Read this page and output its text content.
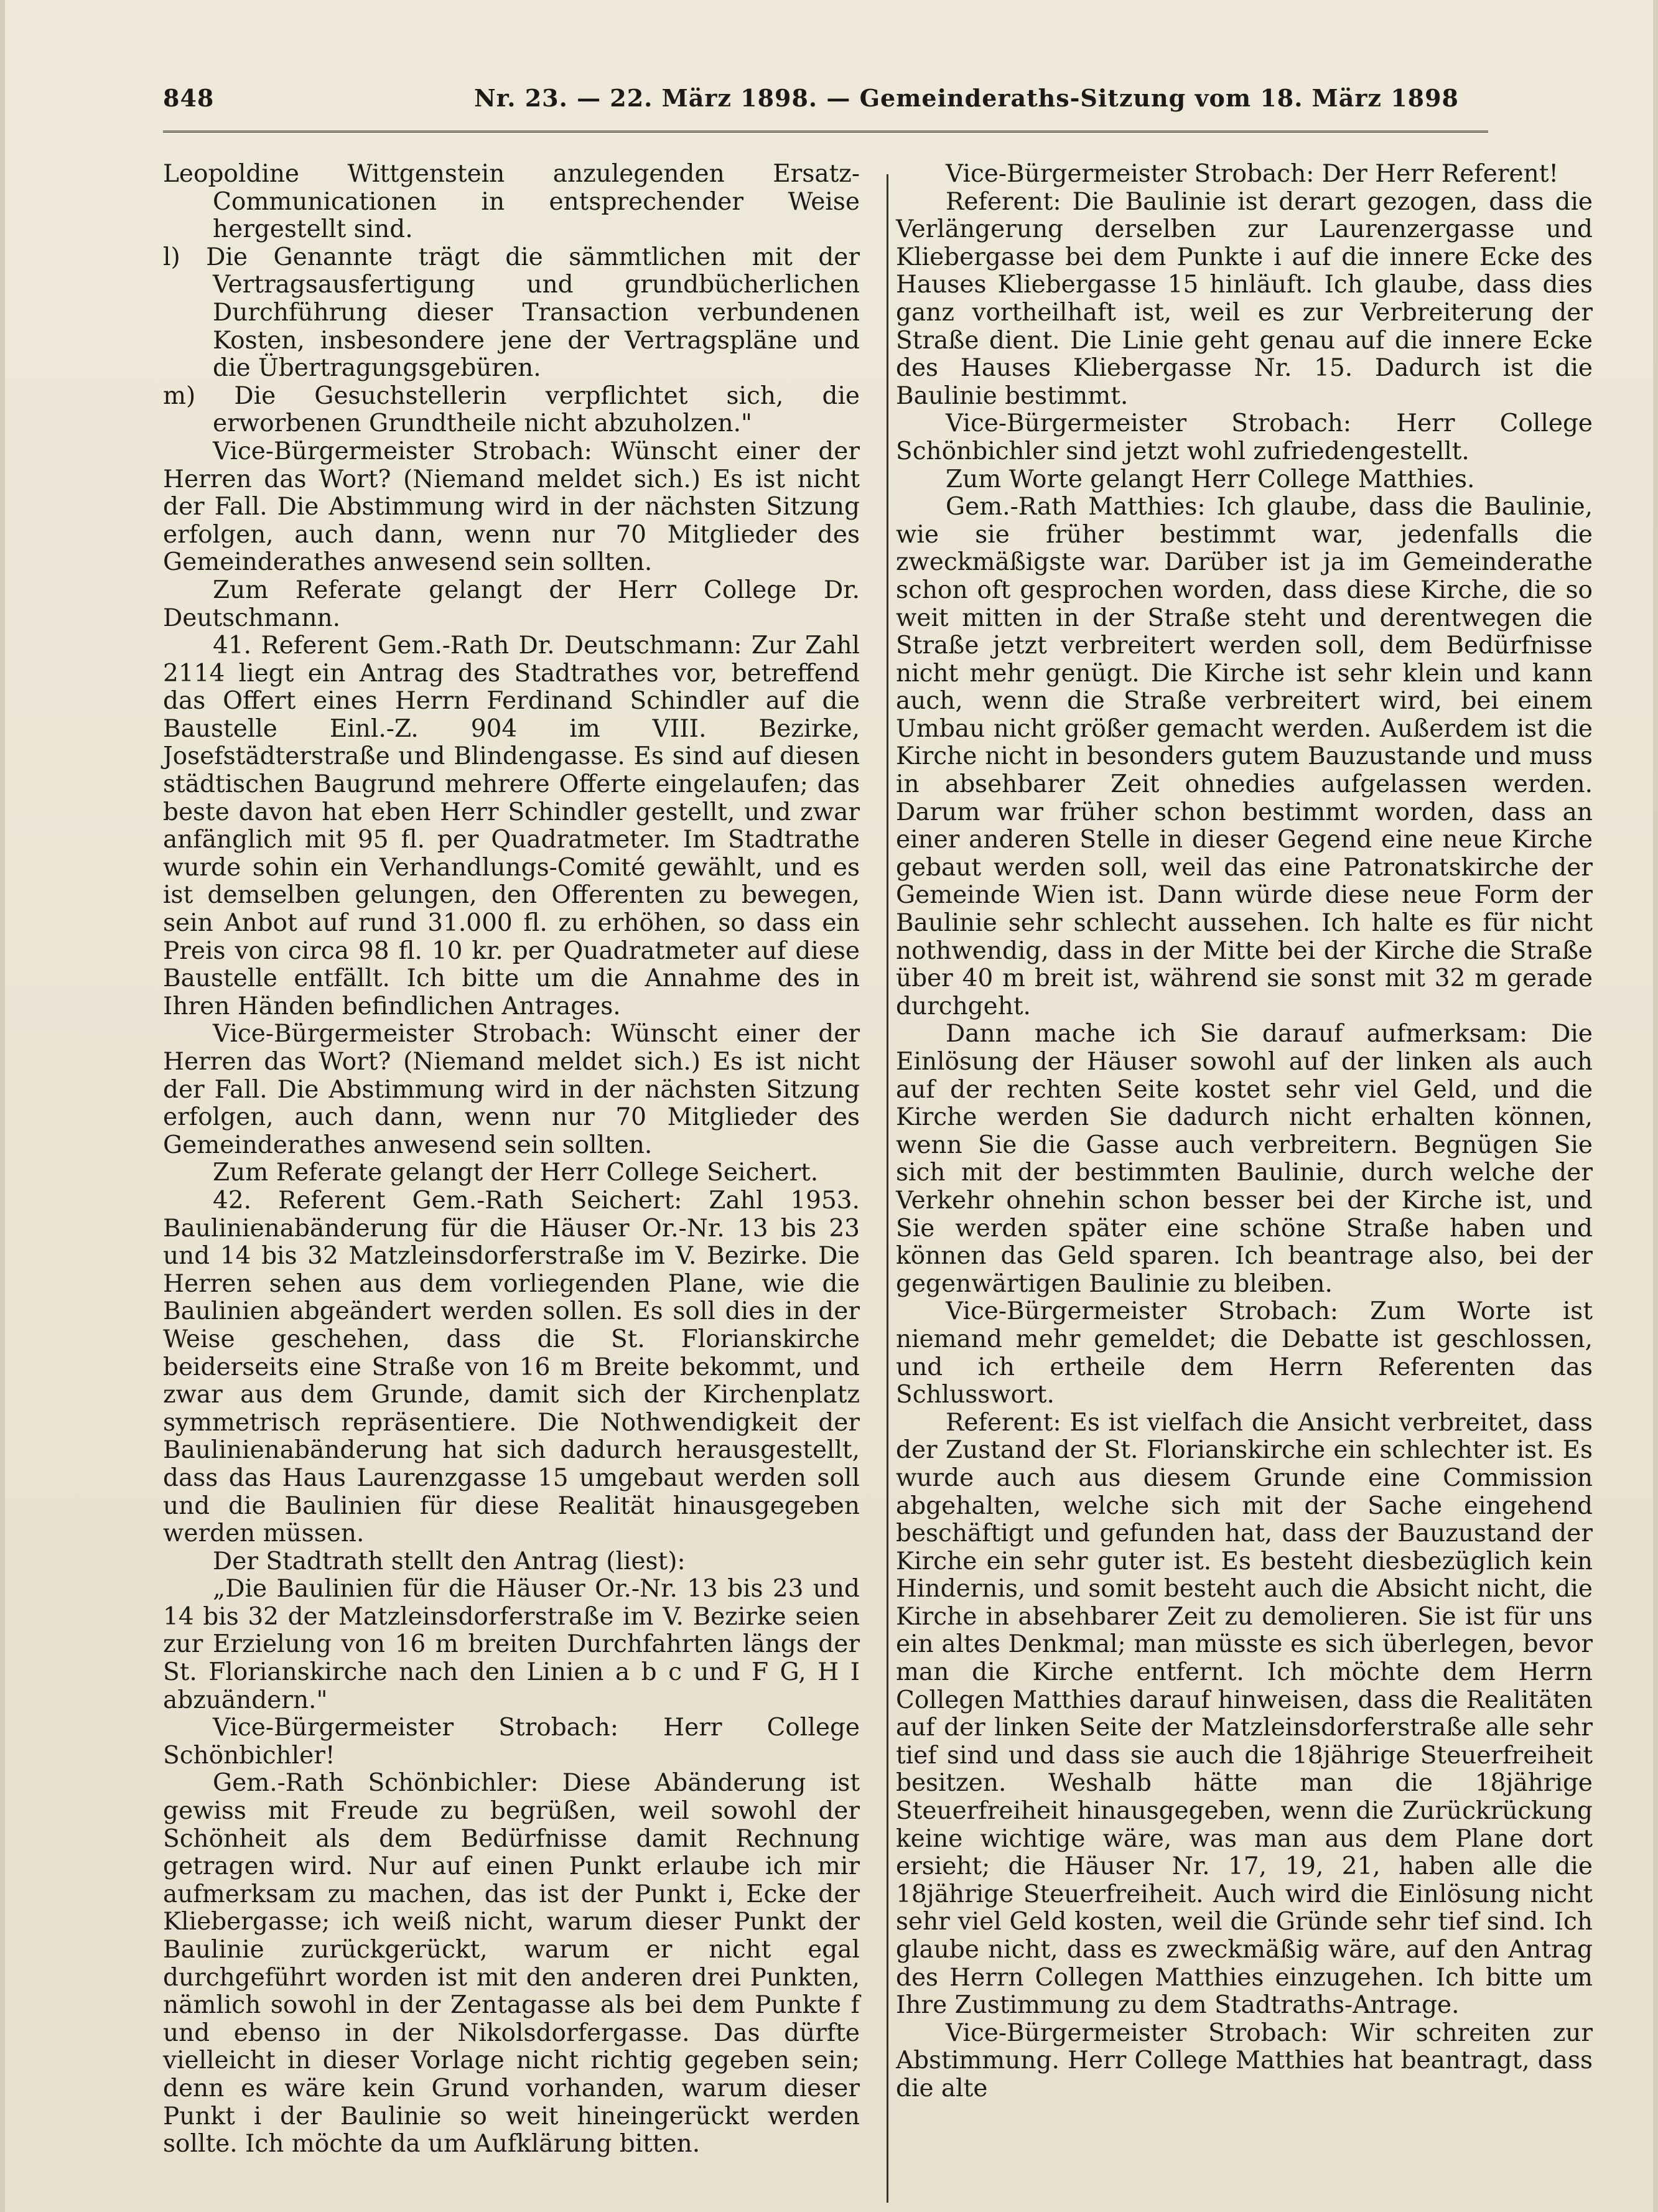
848	Nr. 23. — 22. März 1898. — Gemeinderaths-Sitzung vom 18. März 1898

Leopoldine Wittgenstein anzulegenden Ersatz-Communicationen in entsprechender Weise hergestellt sind.

l) Die Genannte trägt die sämmtlichen mit der Vertragsausfertigung und grundbücherlichen Durchführung dieser Transaction verbundenen Kosten, insbesondere jene der Vertragspläne und die Übertragungsgebüren.

m) Die Gesuchstellerin verpflichtet sich, die erworbenen Grundtheile nicht abzuholzen."

Vice-Bürgermeister Strobach: Wünscht einer der Herren das Wort? (Niemand meldet sich.) Es ist nicht der Fall. Die Abstimmung wird in der nächsten Sitzung erfolgen, auch dann, wenn nur 70 Mitglieder des Gemeinderathes anwesend sein sollten.

Zum Referate gelangt der Herr College Dr. Deutschmann.

41. Referent Gem.-Rath Dr. Deutschmann: Zur Zahl 2114 liegt ein Antrag des Stadtrathes vor, betreffend das Offert eines Herrn Ferdinand Schindler auf die Baustelle Einl.-Z. 904 im VIII. Bezirke, Josefstädterstraße und Blindengasse. Es sind auf diesen städtischen Baugrund mehrere Offerte eingelaufen; das beste davon hat eben Herr Schindler gestellt, und zwar anfänglich mit 95 fl. per Quadratmeter. Im Stadtrathe wurde sohin ein Verhandlungs-Comité gewählt, und es ist demselben gelungen, den Offerenten zu bewegen, sein Anbot auf rund 31.000 fl. zu erhöhen, so dass ein Preis von circa 98 fl. 10 kr. per Quadratmeter auf diese Baustelle entfällt. Ich bitte um die Annahme des in Ihren Händen befindlichen Antrages.

Vice-Bürgermeister Strobach: Wünscht einer der Herren das Wort? (Niemand meldet sich.) Es ist nicht der Fall. Die Abstimmung wird in der nächsten Sitzung erfolgen, auch dann, wenn nur 70 Mitglieder des Gemeinderathes anwesend sein sollten.

Zum Referate gelangt der Herr College Seichert.

42. Referent Gem.-Rath Seichert: Zahl 1953. Baulinienabänderung für die Häuser Or.-Nr. 13 bis 23 und 14 bis 32 Matzleinsdorferstraße im V. Bezirke. Die Herren sehen aus dem vorliegenden Plane, wie die Baulinien abgeändert werden sollen. Es soll dies in der Weise geschehen, dass die St. Florianskirche beiderseits eine Straße von 16 m Breite bekommt, und zwar aus dem Grunde, damit sich der Kirchenplatz symmetrisch repräsentiere. Die Nothwendigkeit der Baulinienabänderung hat sich dadurch herausgestellt, dass das Haus Laurenzgasse 15 umgebaut werden soll und die Baulinien für diese Realität hinausgegeben werden müssen.

Der Stadtrath stellt den Antrag (liest):

„Die Baulinien für die Häuser Or.-Nr. 13 bis 23 und 14 bis 32 der Matzleinsdorferstraße im V. Bezirke seien zur Erzielung von 16 m breiten Durchfahrten längs der St. Florianskirche nach den Linien a b c und F G, H I abzuändern."

Vice-Bürgermeister Strobach: Herr College Schönbichler!

Gem.-Rath Schönbichler: Diese Abänderung ist gewiss mit Freude zu begrüßen, weil sowohl der Schönheit als dem Bedürfnisse damit Rechnung getragen wird. Nur auf einen Punkt erlaube ich mir aufmerksam zu machen, das ist der Punkt i, Ecke der Kliebergasse; ich weiß nicht, warum dieser Punkt der Baulinie zurückgerückt, warum er nicht egal durchgeführt worden ist mit den anderen drei Punkten, nämlich sowohl in der Zentagasse als bei dem Punkte f und ebenso in der Nikolsdorfergasse. Das dürfte vielleicht in dieser Vorlage nicht richtig gegeben sein; denn es wäre kein Grund vorhanden, warum dieser Punkt i der Baulinie so weit hineingerückt werden sollte. Ich möchte da um Aufklärung bitten.

Vice-Bürgermeister Strobach: Der Herr Referent!

Referent: Die Baulinie ist derart gezogen, dass die Verlängerung derselben zur Laurenzergasse und Kliebergasse bei dem Punkte i auf die innere Ecke des Hauses Kliebergasse 15 hinläuft. Ich glaube, dass dies ganz vortheilhaft ist, weil es zur Verbreiterung der Straße dient. Die Linie geht genau auf die innere Ecke des Hauses Kliebergasse Nr. 15. Dadurch ist die Baulinie bestimmt.

Vice-Bürgermeister Strobach: Herr College Schönbichler sind jetzt wohl zufriedengestellt.

Zum Worte gelangt Herr College Matthies.

Gem.-Rath Matthies: Ich glaube, dass die Baulinie, wie sie früher bestimmt war, jedenfalls die zweckmäßigste war. Darüber ist ja im Gemeinderathe schon oft gesprochen worden, dass diese Kirche, die so weit mitten in der Straße steht und derentwegen die Straße jetzt verbreitert werden soll, dem Bedürfnisse nicht mehr genügt. Die Kirche ist sehr klein und kann auch, wenn die Straße verbreitert wird, bei einem Umbau nicht größer gemacht werden. Außerdem ist die Kirche nicht in besonders gutem Bauzustande und muss in absehbarer Zeit ohnedies aufgelassen werden. Darum war früher schon bestimmt worden, dass an einer anderen Stelle in dieser Gegend eine neue Kirche gebaut werden soll, weil das eine Patronatskirche der Gemeinde Wien ist. Dann würde diese neue Form der Baulinie sehr schlecht aussehen. Ich halte es für nicht nothwendig, dass in der Mitte bei der Kirche die Straße über 40 m breit ist, während sie sonst mit 32 m gerade durchgeht.

Dann mache ich Sie darauf aufmerksam: Die Einlösung der Häuser sowohl auf der linken als auch auf der rechten Seite kostet sehr viel Geld, und die Kirche werden Sie dadurch nicht erhalten können, wenn Sie die Gasse auch verbreitern. Begnügen Sie sich mit der bestimmten Baulinie, durch welche der Verkehr ohnehin schon besser bei der Kirche ist, und Sie werden später eine schöne Straße haben und können das Geld sparen. Ich beantrage also, bei der gegenwärtigen Baulinie zu bleiben.

Vice-Bürgermeister Strobach: Zum Worte ist niemand mehr gemeldet; die Debatte ist geschlossen, und ich ertheile dem Herrn Referenten das Schlusswort.

Referent: Es ist vielfach die Ansicht verbreitet, dass der Zustand der St. Florianskirche ein schlechter ist. Es wurde auch aus diesem Grunde eine Commission abgehalten, welche sich mit der Sache eingehend beschäftigt und gefunden hat, dass der Bauzustand der Kirche ein sehr guter ist. Es besteht diesbezüglich kein Hindernis, und somit besteht auch die Absicht nicht, die Kirche in absehbarer Zeit zu demolieren. Sie ist für uns ein altes Denkmal; man müsste es sich überlegen, bevor man die Kirche entfernt. Ich möchte dem Herrn Collegen Matthies darauf hinweisen, dass die Realitäten auf der linken Seite der Matzleinsdorferstraße alle sehr tief sind und dass sie auch die 18jährige Steuerfreiheit besitzen. Weshalb hätte man die 18jährige Steuerfreiheit hinausgegeben, wenn die Zurückrückung keine wichtige wäre, was man aus dem Plane dort ersieht; die Häuser Nr. 17, 19, 21, haben alle die 18jährige Steuerfreiheit. Auch wird die Einlösung nicht sehr viel Geld kosten, weil die Gründe sehr tief sind. Ich glaube nicht, dass es zweckmäßig wäre, auf den Antrag des Herrn Collegen Matthies einzugehen. Ich bitte um Ihre Zustimmung zu dem Stadtraths-Antrage.

Vice-Bürgermeister Strobach: Wir schreiten zur Abstimmung. Herr College Matthies hat beantragt, dass die alte
